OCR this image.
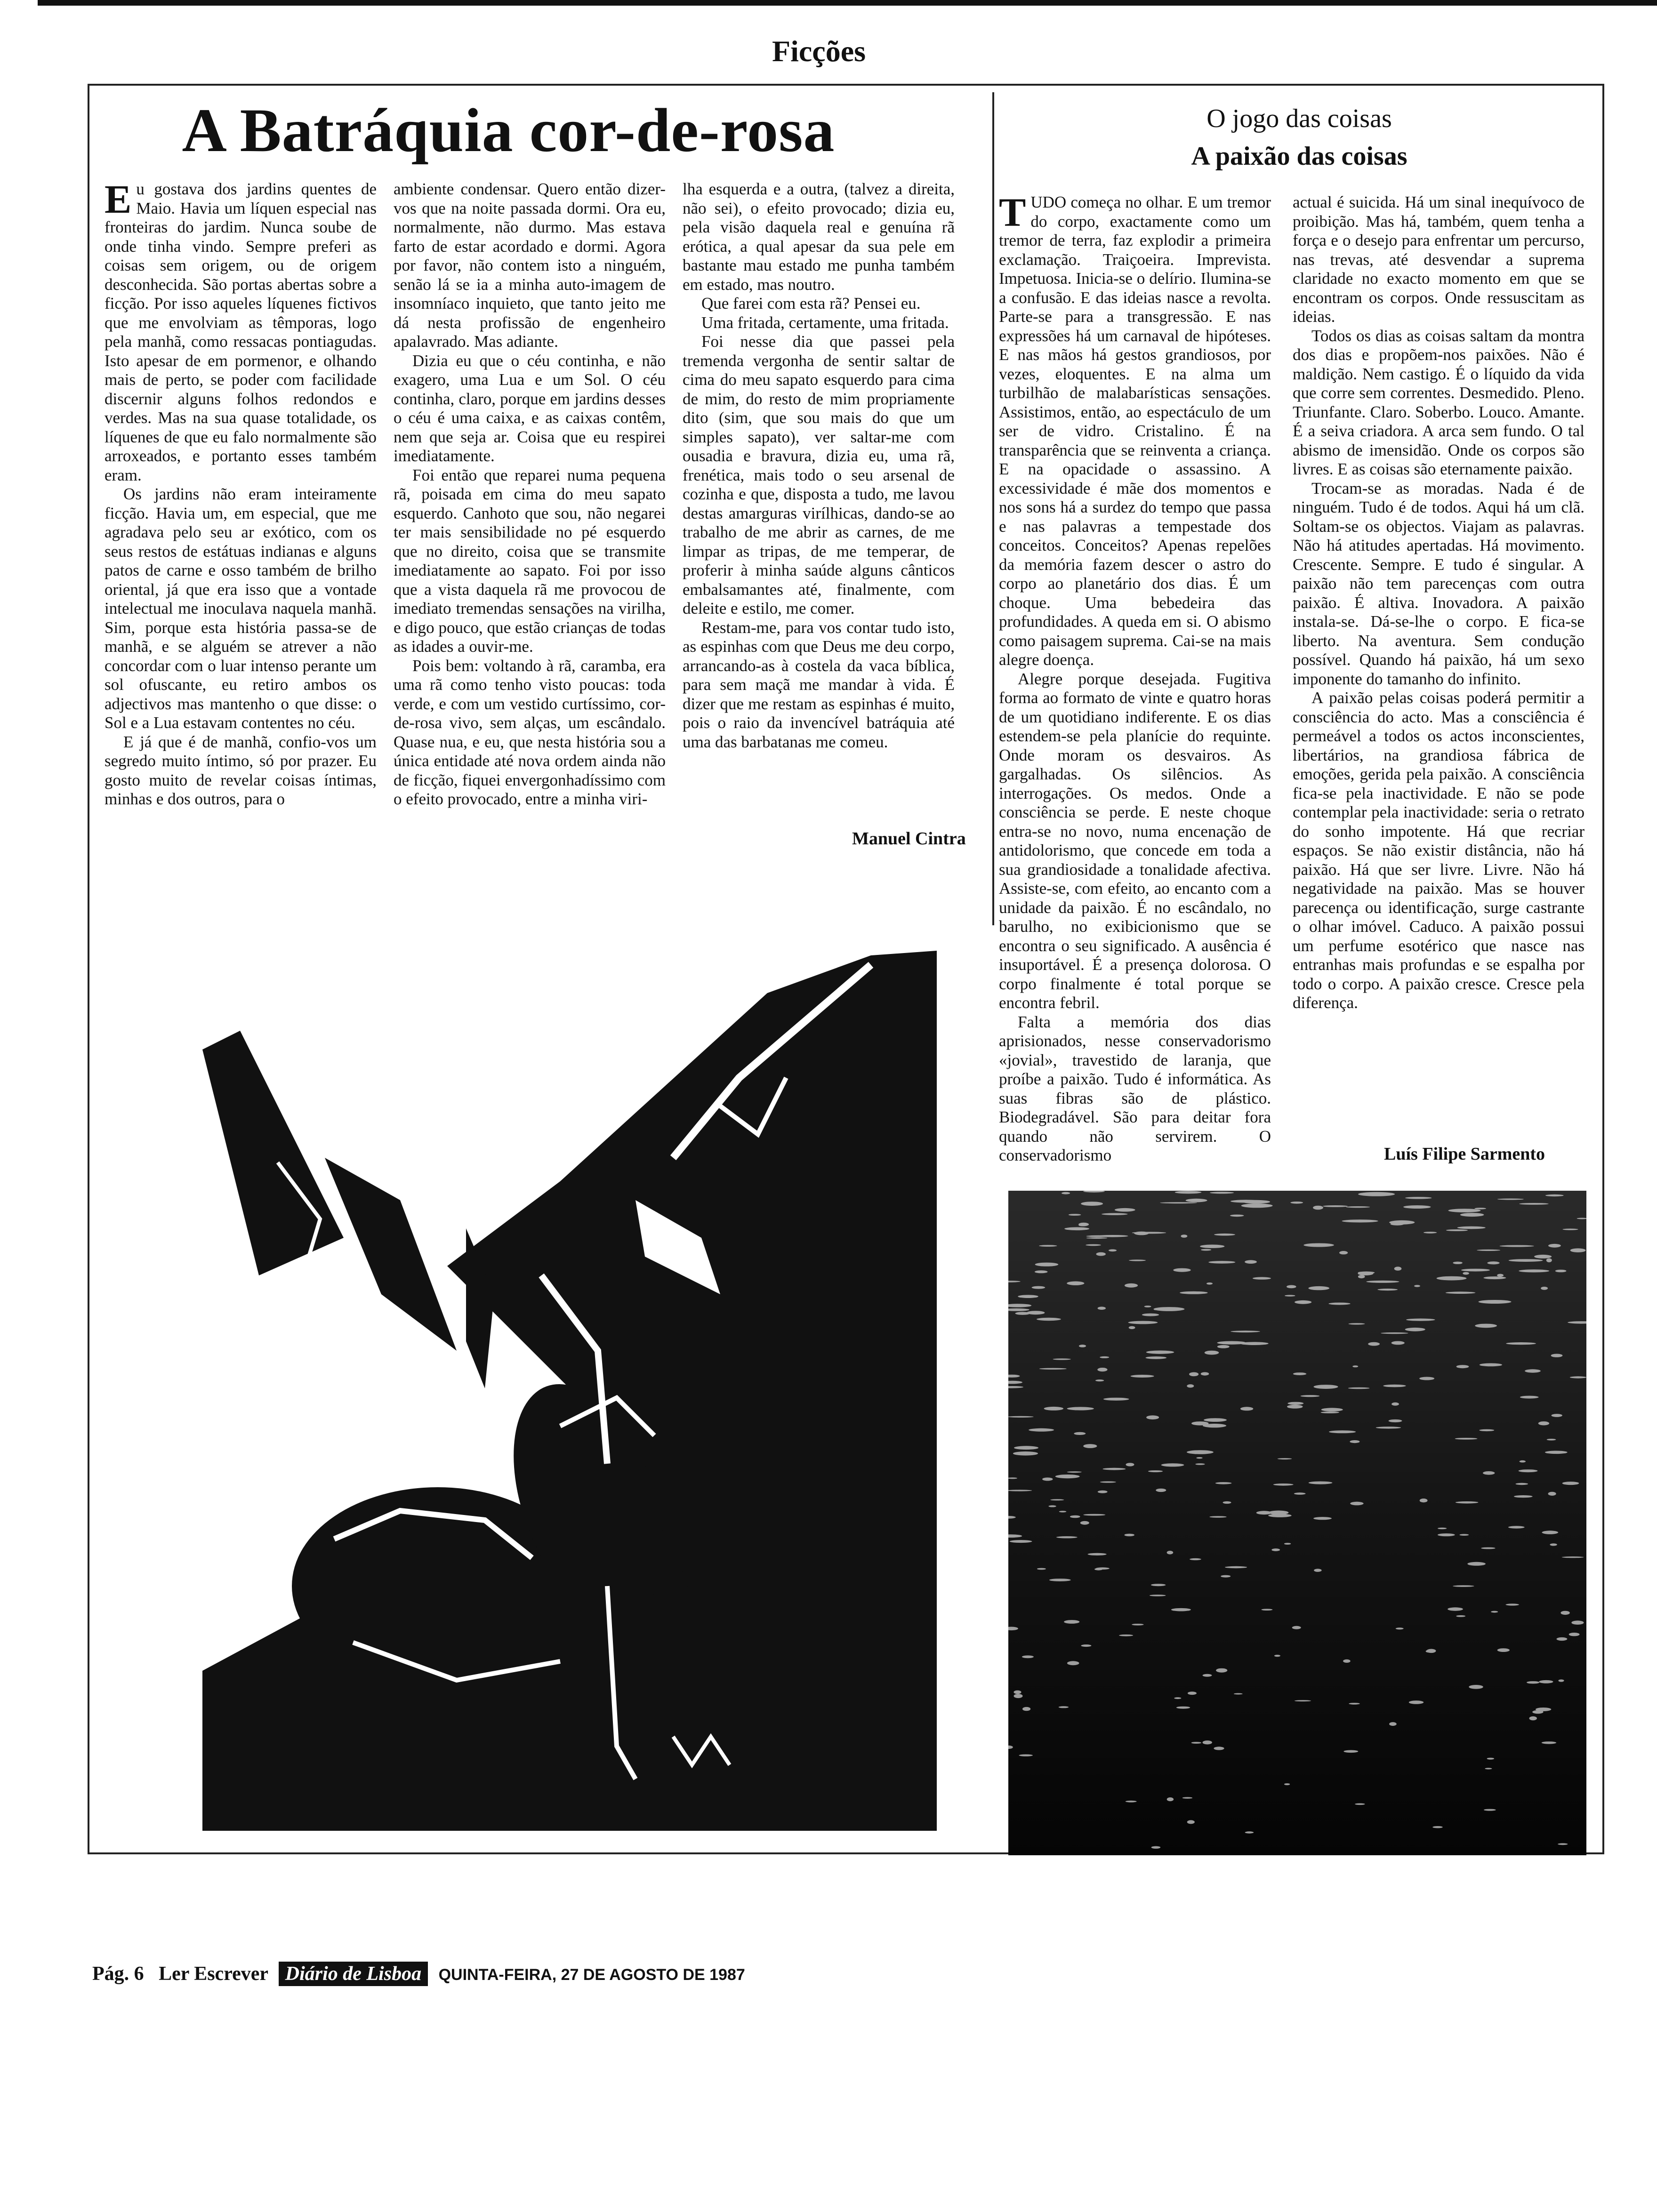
Ficções
A Batráquia cor-de-rosa

Eu gostava dos jardins quentes de Maio. Havia um líquen especial nas fronteiras do jardim. Nunca soube de onde tinha vindo. Sempre preferi as coisas sem origem, ou de origem desconhecida. São portas abertas sobre a ficção. Por isso aqueles líquenes fictivos que me envolviam as têmporas, logo pela manhã, como ressacas pontiagudas. Isto apesar de em pormenor, e olhando mais de perto, se poder com facilidade discernir alguns folhos redondos e verdes. Mas na sua quase totalidade, os líquenes de que eu falo normalmente são arroxeados, e portanto esses também eram.

Os jardins não eram inteiramente ficção. Havia um, em especial, que me agradava pelo seu ar exótico, com os seus restos de estátuas indianas e alguns patos de carne e osso também de brilho oriental, já que era isso que a vontade intelectual me inoculava naquela manhã. Sim, porque esta história passa-se de manhã, e se alguém se atrever a não concordar com o luar intenso perante um sol ofuscante, eu retiro ambos os adjectivos mas mantenho o que disse: o Sol e a Lua estavam contentes no céu.

E já que é de manhã, confio-vos um segredo muito íntimo, só por prazer. Eu gosto muito de revelar coisas íntimas, minhas e dos outros, para o

ambiente condensar. Quero então dizer-vos que na noite passada dormi. Ora eu, normalmente, não durmo. Mas estava farto de estar acordado e dormi. Agora por favor, não contem isto a ninguém, senão lá se ia a minha auto-imagem de insomníaco inquieto, que tanto jeito me dá nesta profissão de engenheiro apalavrado. Mas adiante.

Dizia eu que o céu continha, e não exagero, uma Lua e um Sol. O céu continha, claro, porque em jardins desses o céu é uma caixa, e as caixas contêm, nem que seja ar. Coisa que eu respirei imediatamente.

Foi então que reparei numa pequena rã, poisada em cima do meu sapato esquerdo. Canhoto que sou, não negarei ter mais sensibilidade no pé esquerdo que no direito, coisa que se transmite imediatamente ao sapato. Foi por isso que a vista daquela rã me provocou de imediato tremendas sensações na virilha, e digo pouco, que estão crianças de todas as idades a ouvir-me.

Pois bem: voltando à rã, caramba, era uma rã como tenho visto poucas: toda verde, e com um vestido curtíssimo, cor-de-rosa vivo, sem alças, um escândalo. Quase nua, e eu, que nesta história sou a única entidade até nova ordem ainda não de ficção, fiquei envergonhadíssimo com o efeito provocado, entre a minha viri-

lha esquerda e a outra, (talvez a direita, não sei), o efeito provocado; dizia eu, pela visão daquela real e genuína rã erótica, a qual apesar da sua pele em bastante mau estado me punha também em estado, mas noutro.

Que farei com esta rã? Pensei eu.

Uma fritada, certamente, uma fritada.

Foi nesse dia que passei pela tremenda vergonha de sentir saltar de cima do meu sapato esquerdo para cima de mim, do resto de mim propriamente dito (sim, que sou mais do que um simples sapato), ver saltar-me com ousadia e bravura, dizia eu, uma rã, frenética, mais todo o seu arsenal de cozinha e que, disposta a tudo, me lavou destas amarguras virílhicas, dando-se ao trabalho de me abrir as carnes, de me limpar as tripas, de me temperar, de proferir à minha saúde alguns cânticos embalsamantes até, finalmente, com deleite e estilo, me comer.

Restam-me, para vos contar tudo isto, as espinhas com que Deus me deu corpo, arrancando-as à costela da vaca bíblica, para sem maçã me mandar à vida. É dizer que me restam as espinhas é muito, pois o raio da invencível batráquia até uma das barbatanas me comeu.

Manuel Cintra
O jogo das coisas
A paixão das coisas

TUDO começa no olhar. E um tremor do corpo, exactamente como um tremor de terra, faz explodir a primeira exclamação. Traiçoeira. Imprevista. Impetuosa. Inicia-se o delírio. Ilumina-se a confusão. E das ideias nasce a revolta. Parte-se para a transgressão. E nas expressões há um carnaval de hipóteses. E nas mãos há gestos grandiosos, por vezes, eloquentes. E na alma um turbilhão de malabarísticas sensações. Assistimos, então, ao espectáculo de um ser de vidro. Cristalino. É na transparência que se reinventa a criança. E na opacidade o assassino. A excessividade é mãe dos momentos e nos sons há a surdez do tempo que passa e nas palavras a tempestade dos conceitos. Conceitos? Apenas repelões da memória fazem descer o astro do corpo ao planetário dos dias. É um choque. Uma bebedeira das profundidades. A queda em si. O abismo como paisagem suprema. Cai-se na mais alegre doença.

Alegre porque desejada. Fugitiva forma ao formato de vinte e quatro horas de um quotidiano indiferente. E os dias estendem-se pela planície do requinte. Onde moram os desvairos. As gargalhadas. Os silêncios. As interrogações. Os medos. Onde a consciência se perde. E neste choque entra-se no novo, numa encenação de antidolorismo, que concede em toda a sua grandiosidade a tonalidade afectiva. Assiste-se, com efeito, ao encanto com a unidade da paixão. É no escândalo, no barulho, no exibicionismo que se encontra o seu significado. A ausência é insuportável. É a presença dolorosa. O corpo finalmente é total porque se encontra febril.

Falta a memória dos dias aprisionados, nesse conservadorismo «jovial», travestido de laranja, que proíbe a paixão. Tudo é informática. As suas fibras são de plástico. Biodegradável. São para deitar fora quando não servirem. O conservadorismo

actual é suicida. Há um sinal inequívoco de proibição. Mas há, também, quem tenha a força e o desejo para enfrentar um percurso, nas trevas, até desvendar a suprema claridade no exacto momento em que se encontram os corpos. Onde ressuscitam as ideias.

Todos os dias as coisas saltam da montra dos dias e propõem-nos paixões. Não é maldição. Nem castigo. É o líquido da vida que corre sem correntes. Desmedido. Pleno. Triunfante. Claro. Soberbo. Louco. Amante. É a seiva criadora. A arca sem fundo. O tal abismo de imensidão. Onde os corpos são livres. E as coisas são eternamente paixão.

Trocam-se as moradas. Nada é de ninguém. Tudo é de todos. Aqui há um clã. Soltam-se os objectos. Viajam as palavras. Não há atitudes apertadas. Há movimento. Crescente. Sempre. E tudo é singular. A paixão não tem parecenças com outra paixão. É altiva. Inovadora. A paixão instala-se. Dá-se-lhe o corpo. E fica-se liberto. Na aventura. Sem condução possível. Quando há paixão, há um sexo imponente do tamanho do infinito.

A paixão pelas coisas poderá permitir a consciência do acto. Mas a consciência é permeável a todos os actos inconscientes, libertários, na grandiosa fábrica de emoções, gerida pela paixão. A consciência fica-se pela inactividade. E não se pode contemplar pela inactividade: seria o retrato do sonho impotente. Há que recriar espaços. Se não existir distância, não há paixão. Há que ser livre. Livre. Não há negatividade na paixão. Mas se houver parecença ou identificação, surge castrante o olhar imóvel. Caduco. A paixão possui um perfume esotérico que nasce nas entranhas mais profundas e se espalha por todo o corpo. A paixão cresce. Cresce pela diferença.

Luís Filipe Sarmento
Pág. 6 Ler Escrever Diário de Lisboa QUINTA-FEIRA, 27 DE AGOSTO DE 1987
